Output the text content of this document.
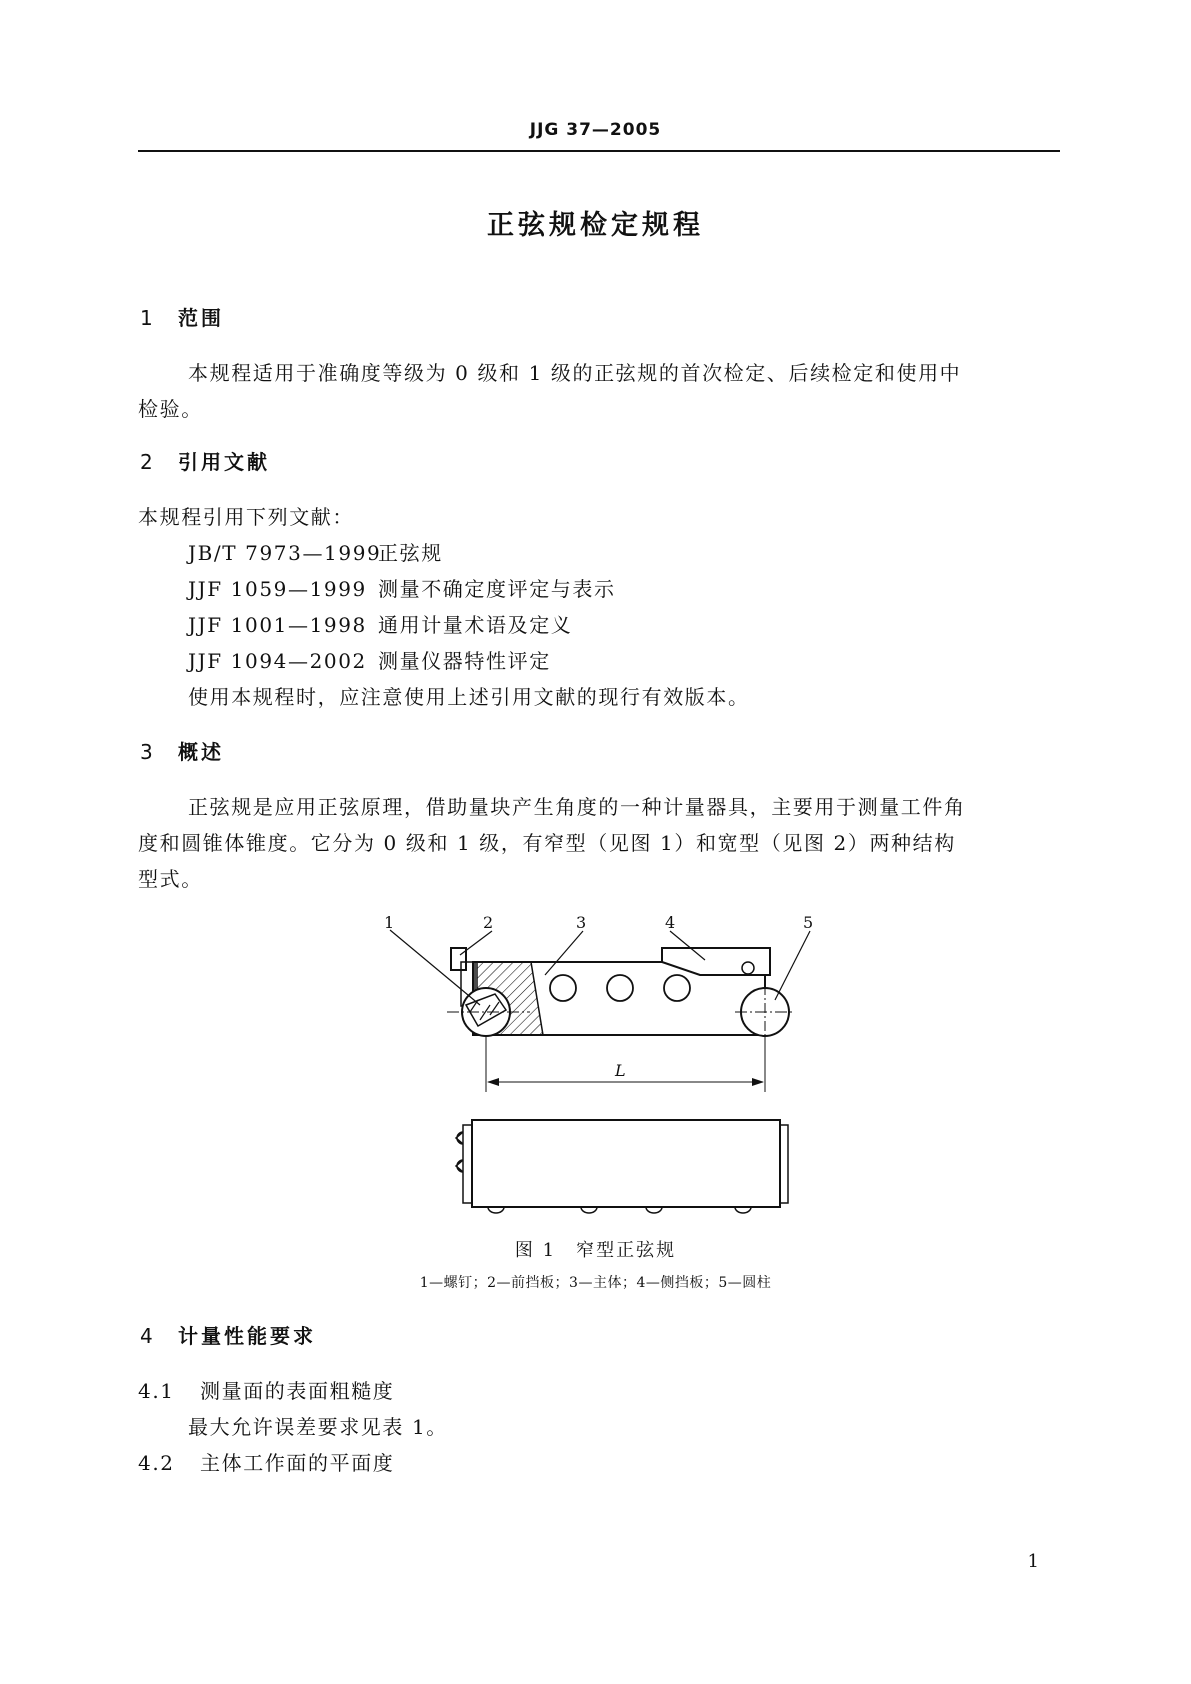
JJG 37—2005
正弦规检定规程
1 范围
本规程适用于准确度等级为 0 级和 1 级的正弦规的首次检定、后续检定和使用中
检验。
2 引用文献
本规程引用下列文献：
JB/T 7973—1999正弦规
JJF 1059—1999 测量不确定度评定与表示
JJF 1001—1998 通用计量术语及定义
JJF 1094—2002 测量仪器特性评定
使用本规程时，应注意使用上述引用文献的现行有效版本。
3 概述
正弦规是应用正弦原理，借助量块产生角度的一种计量器具，主要用于测量工件角
度和圆锥体锥度。它分为 0 级和 1 级，有窄型（见图 1）和宽型（见图 2）两种结构
型式。
1	2	3	4	5
L
图 1　窄型正弦规
1—螺钉；2—前挡板；3—主体；4—侧挡板；5—圆柱
4 计量性能要求
4.1 测量面的表面粗糙度
最大允许误差要求见表 1。
4.2 主体工作面的平面度
1
